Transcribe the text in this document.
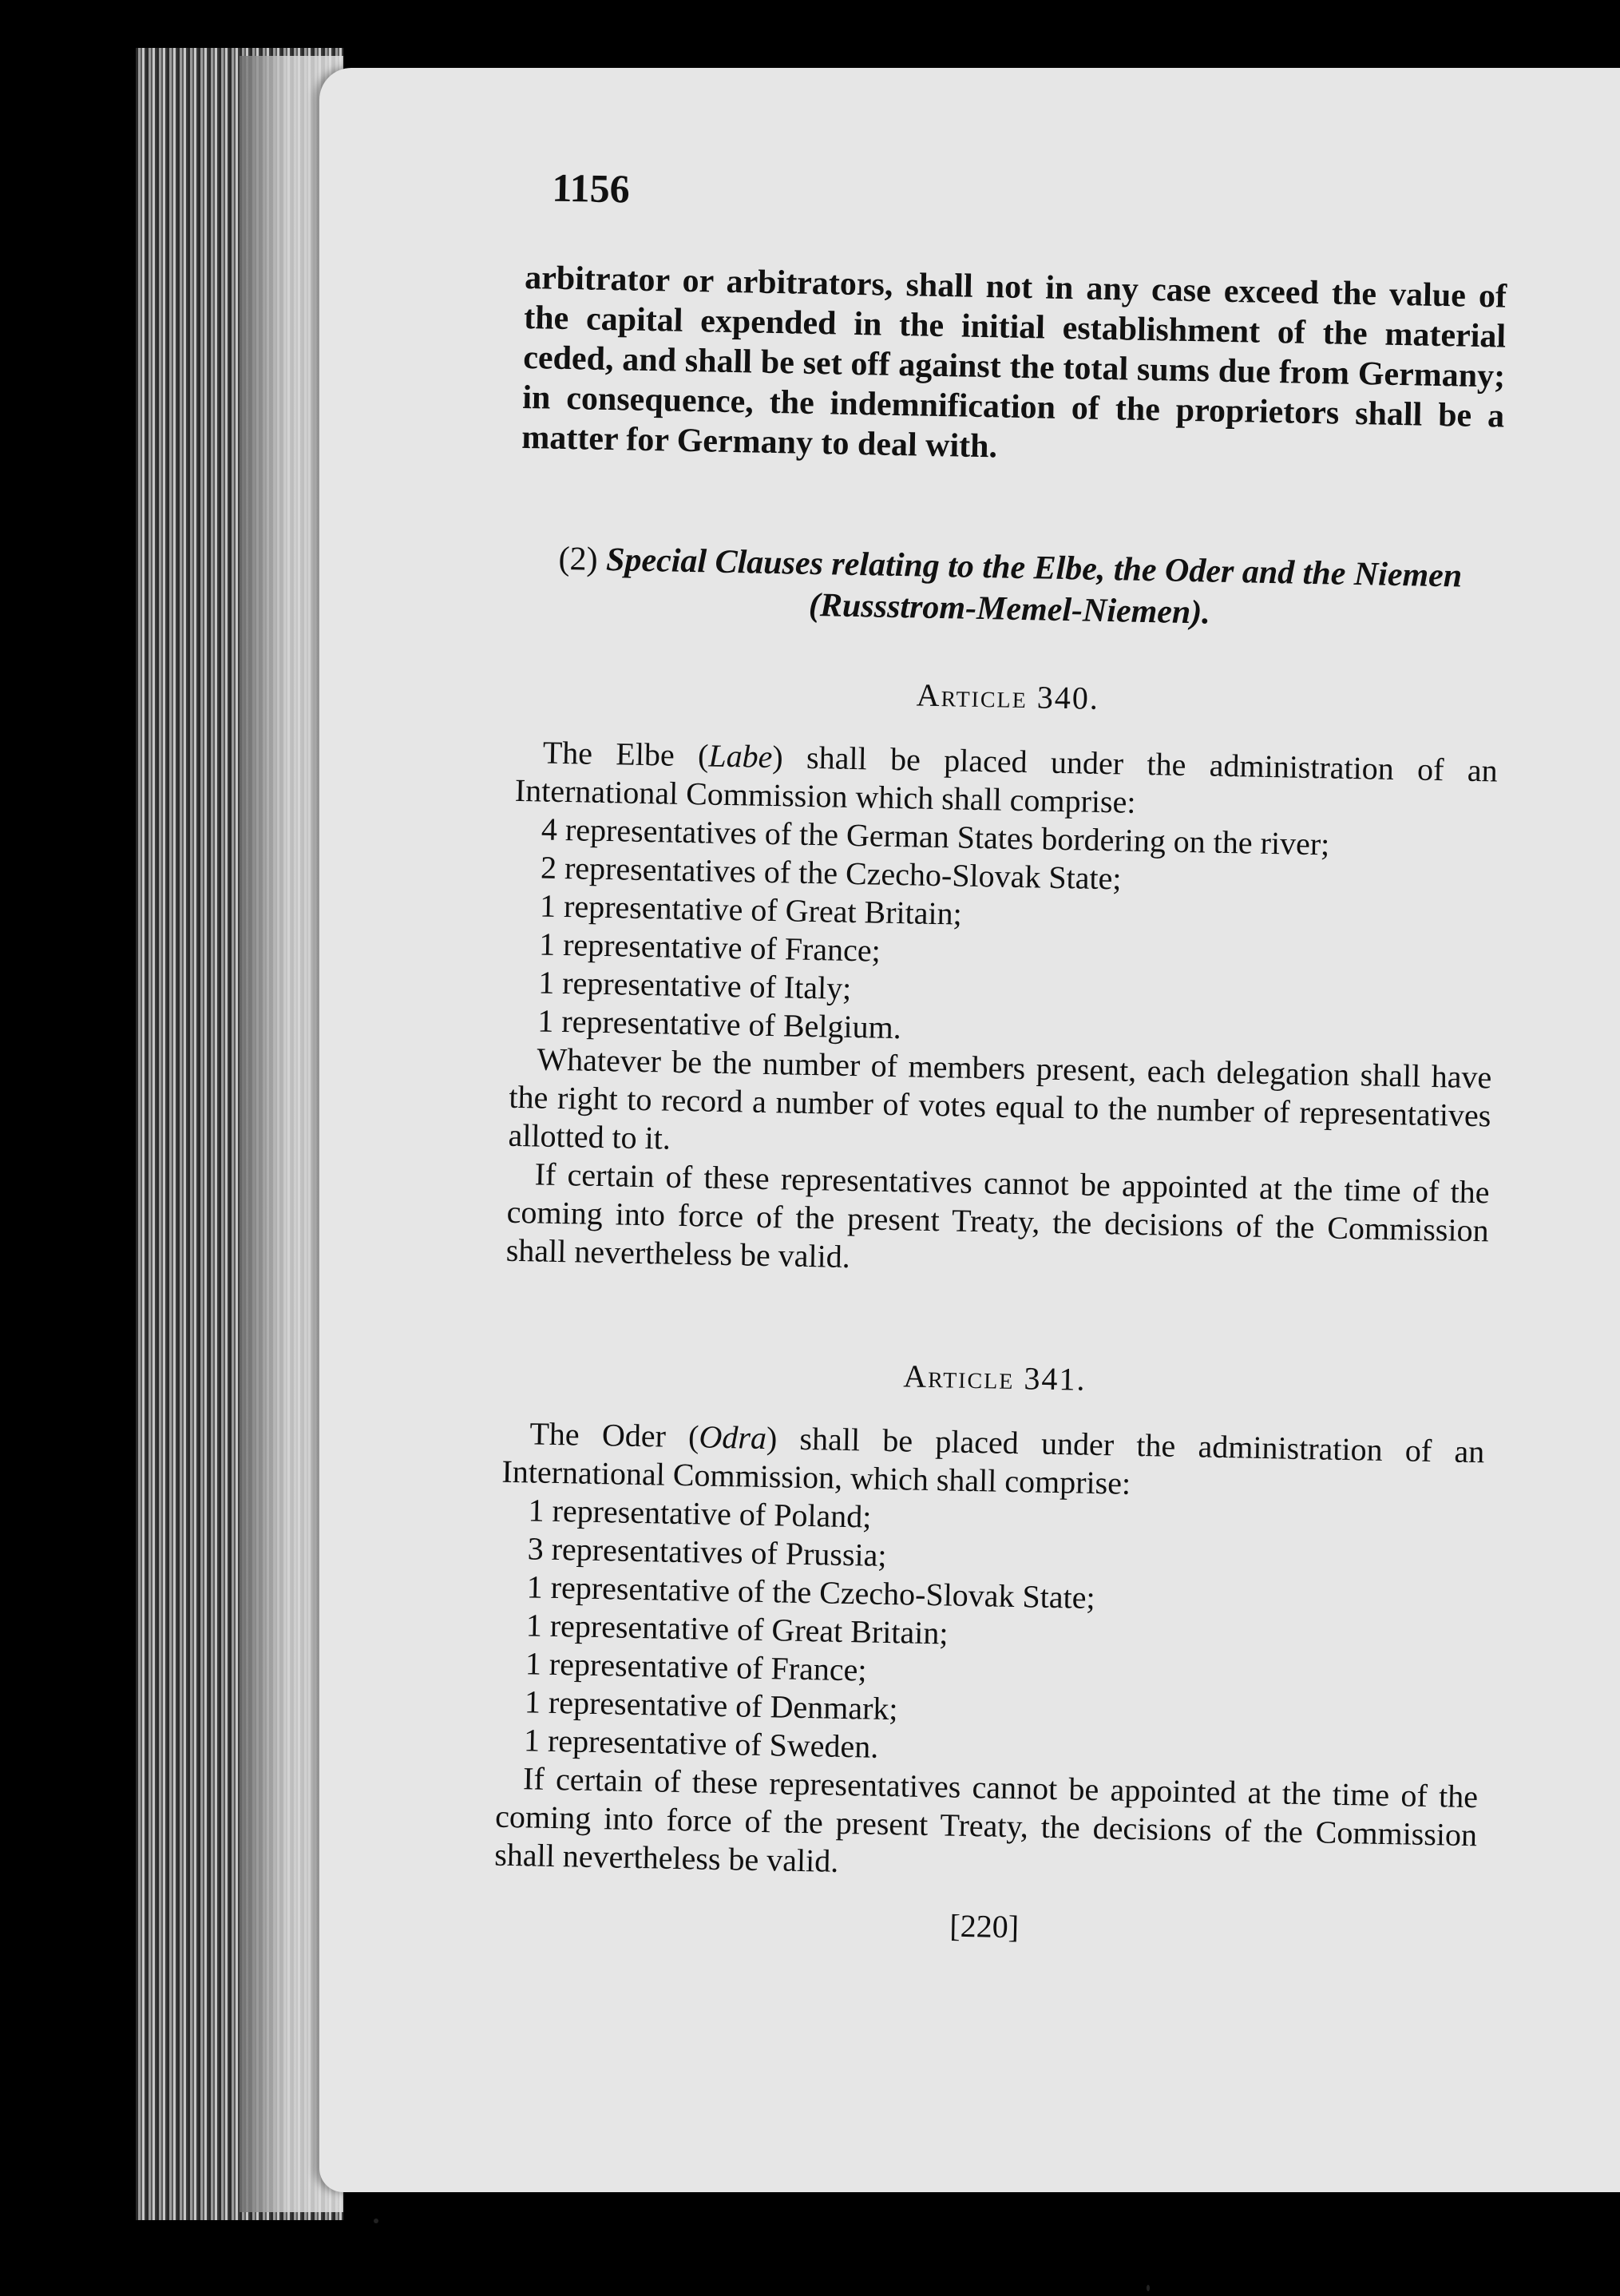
1156

arbitrator or arbitrators, shall not in any case exceed the value of the capital expended in the initial establishment of the material ceded, and shall be set off against the total sums due from Germany; in consequence, the indemnification of the proprietors shall be a matter for Germany to deal with.

(2) Special Clauses relating to the Elbe, the Oder and the Niemen (Russstrom-Memel-Niemen).
Article 340.

The Elbe (Labe) shall be placed under the administration of an International Commission which shall comprise:

4 representatives of the German States bordering on the river;
2 representatives of the Czecho-Slovak State;
1 representative of Great Britain;
1 representative of France;
1 representative of Italy;
1 representative of Belgium.

Whatever be the number of members present, each delegation shall have the right to record a number of votes equal to the number of representatives allotted to it.

If certain of these representatives cannot be appointed at the time of the coming into force of the present Treaty, the decisions of the Commission shall nevertheless be valid.

Article 341.

The Oder (Odra) shall be placed under the administration of an International Commission, which shall comprise:

1 representative of Poland;
3 representatives of Prussia;
1 representative of the Czecho-Slovak State;
1 representative of Great Britain;
1 representative of France;
1 representative of Denmark;
1 representative of Sweden.

If certain of these representatives cannot be appointed at the time of the coming into force of the present Treaty, the decisions of the Commission shall nevertheless be valid.

[220]
